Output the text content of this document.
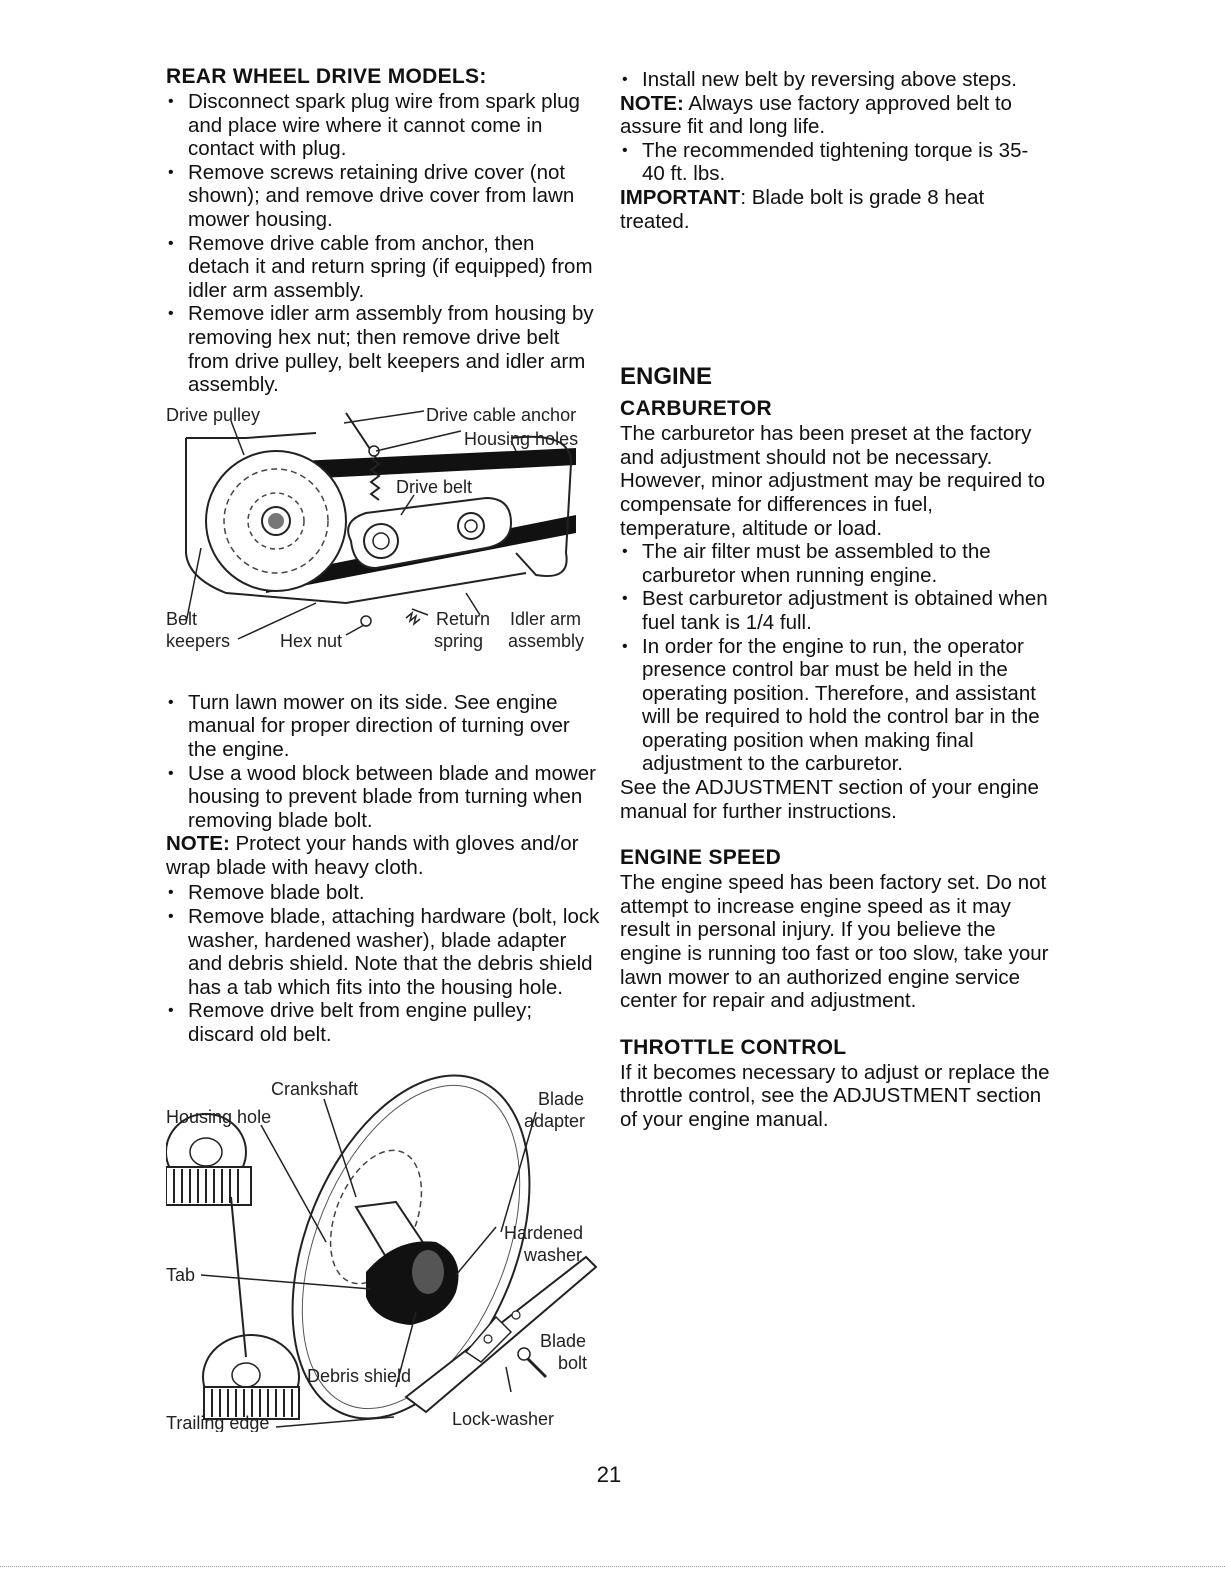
REAR WHEEL DRIVE MODELS:
• Disconnect spark plug wire from spark plug and place wire where it cannot come in contact with plug.
• Remove screws retaining drive cover (not shown); and remove drive cover from lawn mower housing.
• Remove drive cable from anchor, then detach it and return spring (if equipped) from idler arm assembly.
• Remove idler arm assembly from housing by removing hex nut; then remove drive belt from drive pulley, belt keepers and idler arm assembly.
Drive pulley	Drive cable anchor
Housing holes
Drive belt
Belt
keepers	Hex nut
Return
spring
Idler arm
assembly
• Turn lawn mower on its side. See engine manual for proper direction of turning over the engine.
• Use a wood block between blade and mower housing to prevent blade from turning when removing blade bolt.

NOTE: Protect your hands with gloves and/or wrap blade with heavy cloth.

• Remove blade bolt.
• Remove blade, attaching hardware (bolt, lock washer, hardened washer), blade adapter and debris shield. Note that the debris shield has a tab which fits into the housing hole.
• Remove drive belt from engine pulley; discard old belt.
Crankshaft	Blade
adapter
Housing hole
Hardened
washer
Tab
Blade
bolt
Debris shield
Trailing edge	Lock-washer
• Install new belt by reversing above steps.

NOTE: Always use factory approved belt to assure fit and long life.

• The recommended tightening torque is 35-40 ft. lbs.

IMPORTANT: Blade bolt is grade 8 heat treated.

ENGINE
CARBURETOR

The carburetor has been preset at the factory and adjustment should not be necessary. However, minor adjustment may be required to compensate for differences in fuel, temperature, altitude or load.

• The air filter must be assembled to the carburetor when running engine.
• Best carburetor adjustment is obtained when fuel tank is 1/4 full.
• In order for the engine to run, the operator presence control bar must be held in the operating position. Therefore, and assistant will be required to hold the control bar in the operating position when making final adjustment to the carburetor.

See the ADJUSTMENT section of your engine manual for further instructions.

ENGINE SPEED

The engine speed has been factory set. Do not attempt to increase engine speed as it may result in personal injury. If you believe the engine is running too fast or too slow, take your lawn mower to an authorized engine service center for repair and adjustment.

THROTTLE CONTROL

If it becomes necessary to adjust or replace the throttle control, see the ADJUSTMENT section of your engine manual.

21
